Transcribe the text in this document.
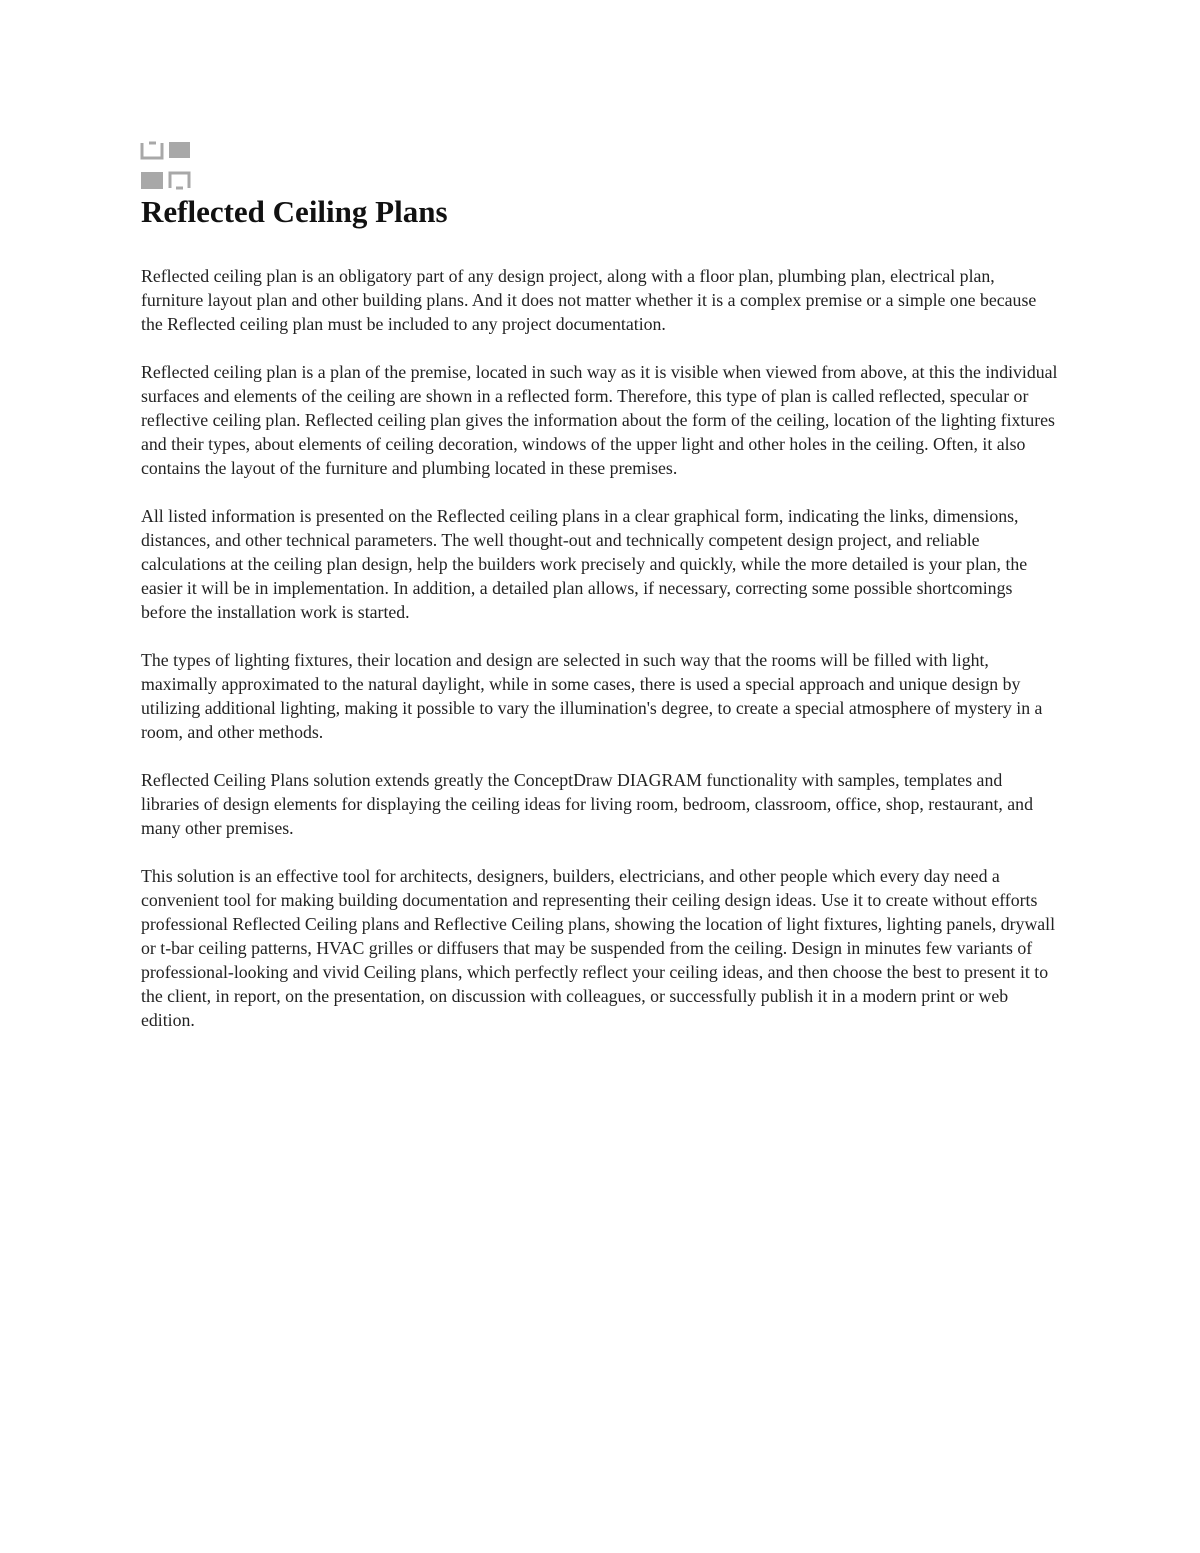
Reflected Ceiling Plans

Reflected ceiling plan is an obligatory part of any design project, along with a floor plan, plumbing plan, electrical plan, furniture layout plan and other building plans. And it does not matter whether it is a complex premise or a simple one because the Reflected ceiling plan must be included to any project documentation.

Reflected ceiling plan is a plan of the premise, located in such way as it is visible when viewed from above, at this the individual surfaces and elements of the ceiling are shown in a reflected form. Therefore, this type of plan is called reflected, specular or reflective ceiling plan. Reflected ceiling plan gives the information about the form of the ceiling, location of the lighting fixtures and their types, about elements of ceiling decoration, windows of the upper light and other holes in the ceiling. Often, it also contains the layout of the furniture and plumbing located in these premises.

All listed information is presented on the Reflected ceiling plans in a clear graphical form, indicating the links, dimensions, distances, and other technical parameters. The well thought-out and technically competent design project, and reliable calculations at the ceiling plan design, help the builders work precisely and quickly, while the more detailed is your plan, the easier it will be in implementation. In addition, a detailed plan allows, if necessary, correcting some possible shortcomings before the installation work is started.

The types of lighting fixtures, their location and design are selected in such way that the rooms will be filled with light, maximally approximated to the natural daylight, while in some cases, there is used a special approach and unique design by utilizing additional lighting, making it possible to vary the illumination's degree, to create a special atmosphere of mystery in a room, and other methods.

Reflected Ceiling Plans solution extends greatly the ConceptDraw DIAGRAM functionality with samples, templates and libraries of design elements for displaying the ceiling ideas for living room, bedroom, classroom, office, shop, restaurant, and many other premises.

This solution is an effective tool for architects, designers, builders, electricians, and other people which every day need a convenient tool for making building documentation and representing their ceiling design ideas. Use it to create without efforts professional Reflected Ceiling plans and Reflective Ceiling plans, showing the location of light fixtures, lighting panels, drywall or t-bar ceiling patterns, HVAC grilles or diffusers that may be suspended from the ceiling. Design in minutes few variants of professional-looking and vivid Ceiling plans, which perfectly reflect your ceiling ideas, and then choose the best to present it to the client, in report, on the presentation, on discussion with colleagues, or successfully publish it in a modern print or web edition.
